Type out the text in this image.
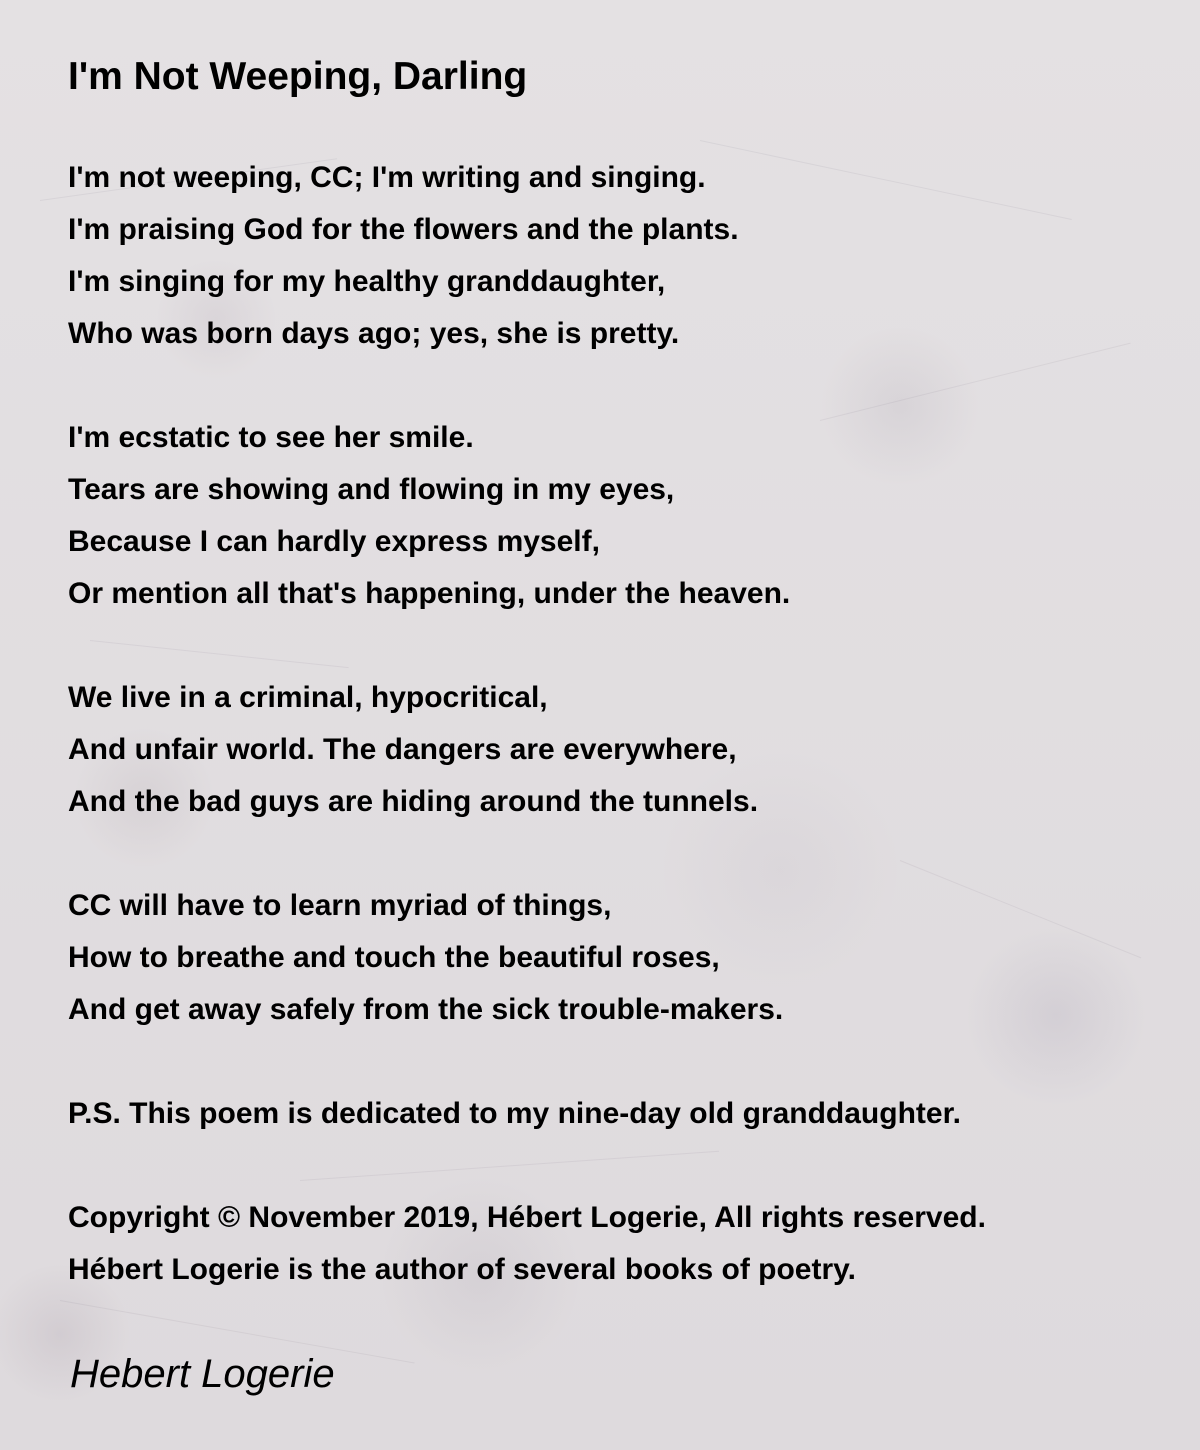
I'm Not Weeping, Darling
I'm not weeping, CC; I'm writing and singing.
I'm praising God for the flowers and the plants.
I'm singing for my healthy granddaughter,
Who was born days ago; yes, she is pretty.
I'm ecstatic to see her smile.
Tears are showing and flowing in my eyes,
Because I can hardly express myself,
Or mention all that's happening, under the heaven.
We live in a criminal, hypocritical,
And unfair world. The dangers are everywhere,
And the bad guys are hiding around the tunnels.
CC will have to learn myriad of things,
How to breathe and touch the beautiful roses,
And get away safely from the sick trouble-makers.
P.S. This poem is dedicated to my nine-day old granddaughter.
Copyright © November 2019, Hébert Logerie, All rights reserved.
Hébert Logerie is the author of several books of poetry.
Hebert Logerie
